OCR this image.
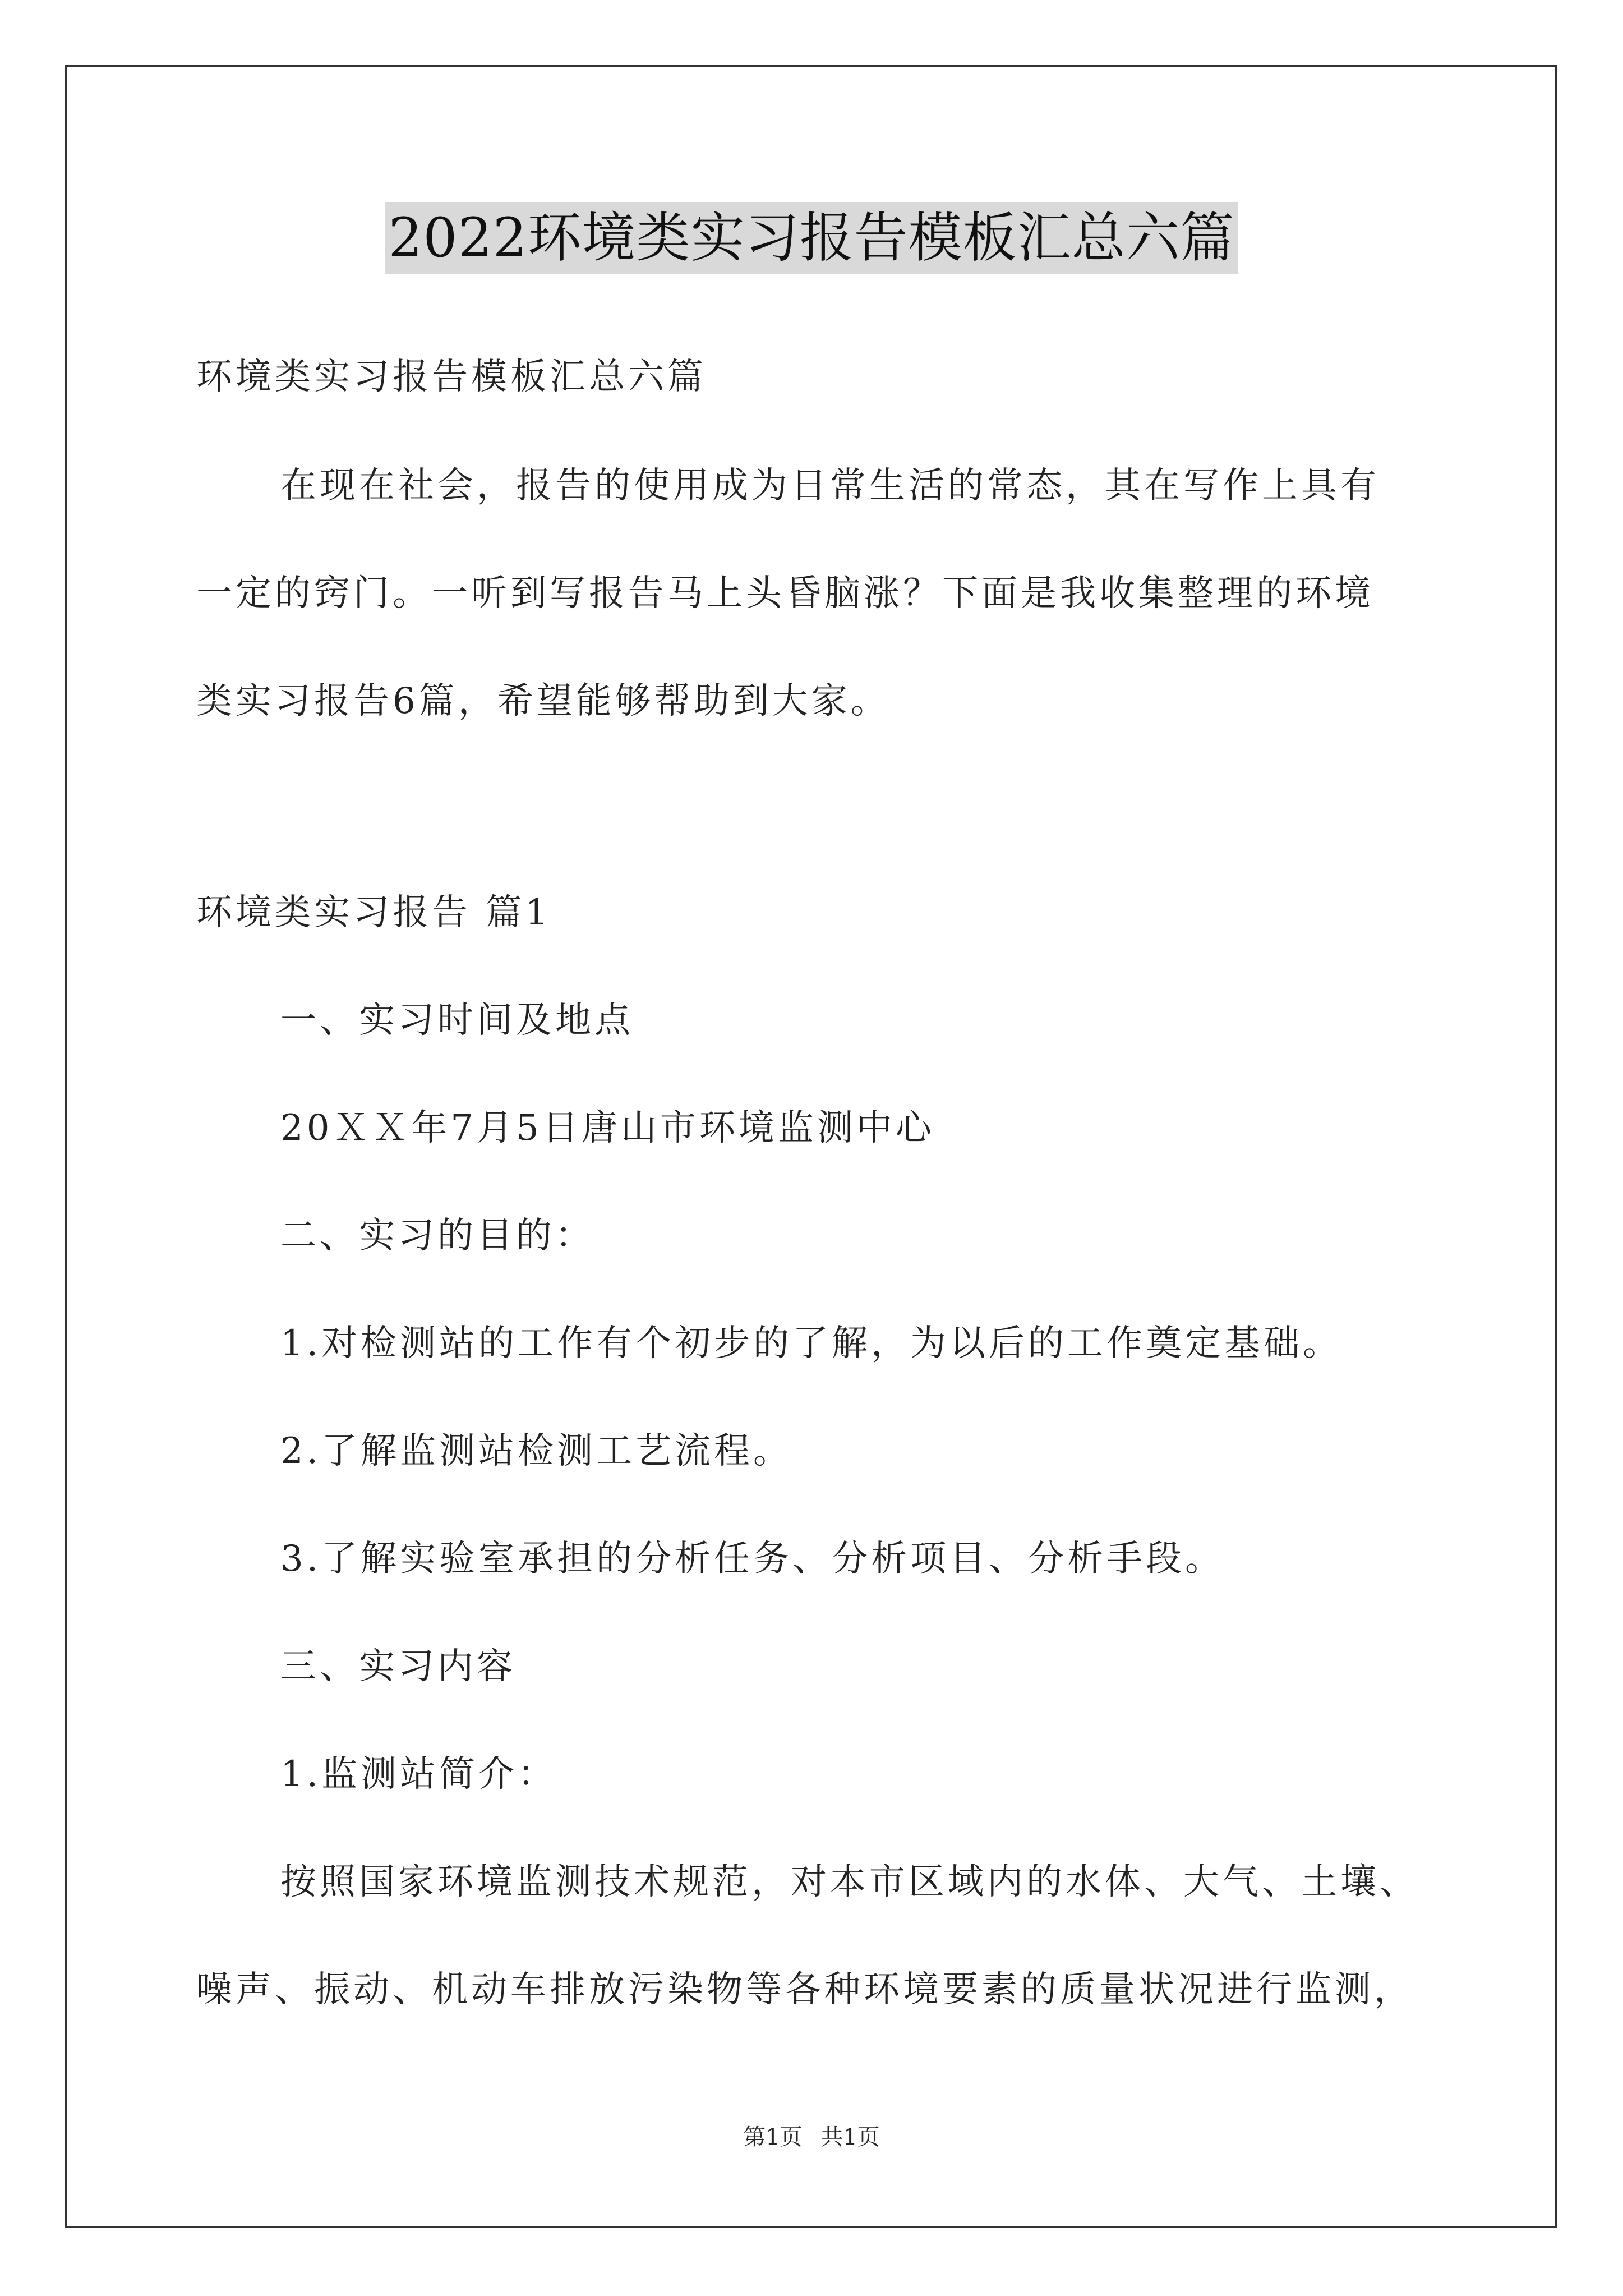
2022环境类实习报告模板汇总六篇
环境类实习报告模板汇总六篇
在现在社会，报告的使用成为日常生活的常态，其在写作上具有
一定的窍门。一听到写报告马上头昏脑涨？下面是我收集整理的环境
类实习报告6篇，希望能够帮助到大家。
环境类实习报告 篇1
一、实习时间及地点
20ＸＸ年7月5日唐山市环境监测中心
二、实习的目的：
1.对检测站的工作有个初步的了解，为以后的工作奠定基础。
2.了解监测站检测工艺流程。
3.了解实验室承担的分析任务、分析项目、分析手段。
三、实习内容
1.监测站简介：
按照国家环境监测技术规范，对本市区域内的水体、大气、土壤、
噪声、振动、机动车排放污染物等各种环境要素的质量状况进行监测，
第1页 共1页
